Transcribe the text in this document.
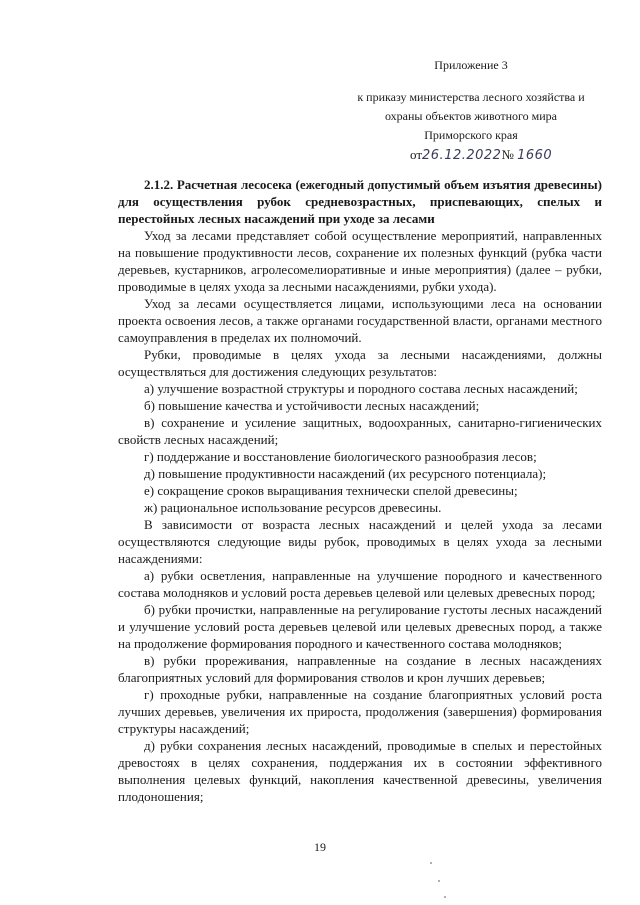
Приложение 3
к приказу министерства лесного хозяйства и
охраны объектов животного мира
Приморского края
от26.12.2022№ 1660

2.1.2. Расчетная лесосека (ежегодный допустимый объем изъятия древесины) для осуществления рубок средневозрастных, приспевающих, спелых и перестойных лесных насаждений при уходе за лесами

Уход за лесами представляет собой осуществление мероприятий, направленных на повышение продуктивности лесов, сохранение их полезных функций (рубка части деревьев, кустарников, агролесомелиоративные и иные мероприятия) (далее – рубки, проводимые в целях ухода за лесными насаждениями, рубки ухода).

Уход за лесами осуществляется лицами, использующими леса на основании проекта освоения лесов, а также органами государственной власти, органами местного самоуправления в пределах их полномочий.

Рубки, проводимые в целях ухода за лесными насаждениями, должны осуществляться для достижения следующих результатов:

а) улучшение возрастной структуры и породного состава лесных насаждений;

б) повышение качества и устойчивости лесных насаждений;

в) сохранение и усиление защитных, водоохранных, санитарно-гигиенических свойств лесных насаждений;

г) поддержание и восстановление биологического разнообразия лесов;

д) повышение продуктивности насаждений (их ресурсного потенциала);

е) сокращение сроков выращивания технически спелой древесины;

ж) рациональное использование ресурсов древесины.

В зависимости от возраста лесных насаждений и целей ухода за лесами осуществляются следующие виды рубок, проводимых в целях ухода за лесными насаждениями:

а) рубки осветления, направленные на улучшение породного и качественного состава молодняков и условий роста деревьев целевой или целевых древесных пород;

б) рубки прочистки, направленные на регулирование густоты лесных насаждений и улучшение условий роста деревьев целевой или целевых древесных пород, а также на продолжение формирования породного и качественного состава молодняков;

в) рубки прореживания, направленные на создание в лесных насаждениях благоприятных условий для формирования стволов и крон лучших деревьев;

г) проходные рубки, направленные на создание благоприятных условий роста лучших деревьев, увеличения их прироста, продолжения (завершения) формирования структуры насаждений;

д) рубки сохранения лесных насаждений, проводимые в спелых и перестойных древостоях в целях сохранения, поддержания их в состоянии эффективного выполнения целевых функций, накопления качественной древесины, увеличения плодоношения;

19
